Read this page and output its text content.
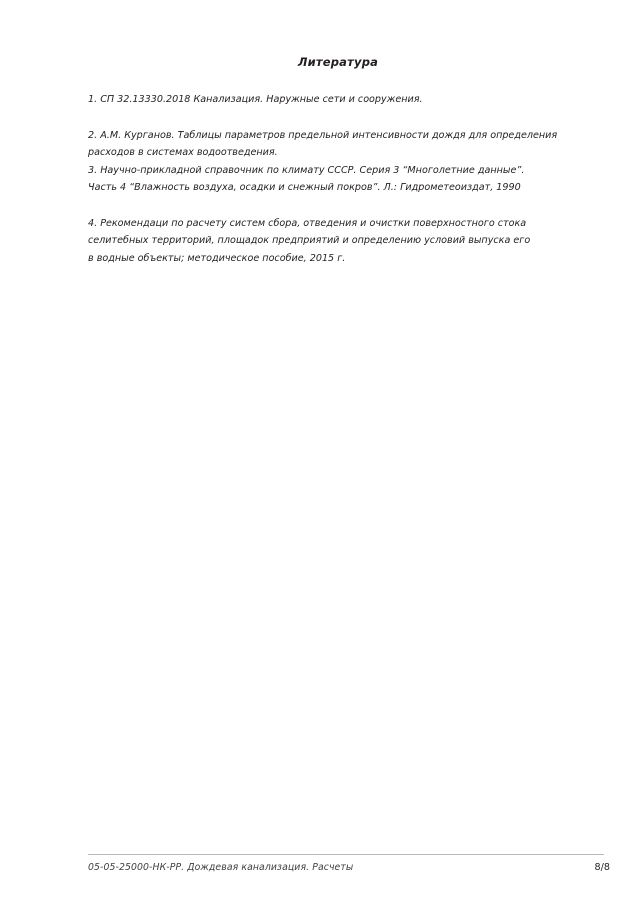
Литература
1. СП 32.13330.2018 Канализация. Наружные сети и сооружения.
2. А.М. Курганов. Таблицы параметров предельной интенсивности дождя для определения
расходов в системах водоотведения.
3. Научно-прикладной справочник по климату СССР. Серия 3 “Многолетние данные”.
Часть 4 “Влажность воздуха, осадки и снежный покров”. Л.: Гидрометеоиздат, 1990
4. Рекомендаци по расчету систем сбора, отведения и очистки поверхностного стока
селитебных территорий, площадок предприятий и определению условий выпуска его
в водные объекты; методическое пособие, 2015 г.
05-05-25000-НК-РР. Дождевая канализация. Расчеты	8/8
